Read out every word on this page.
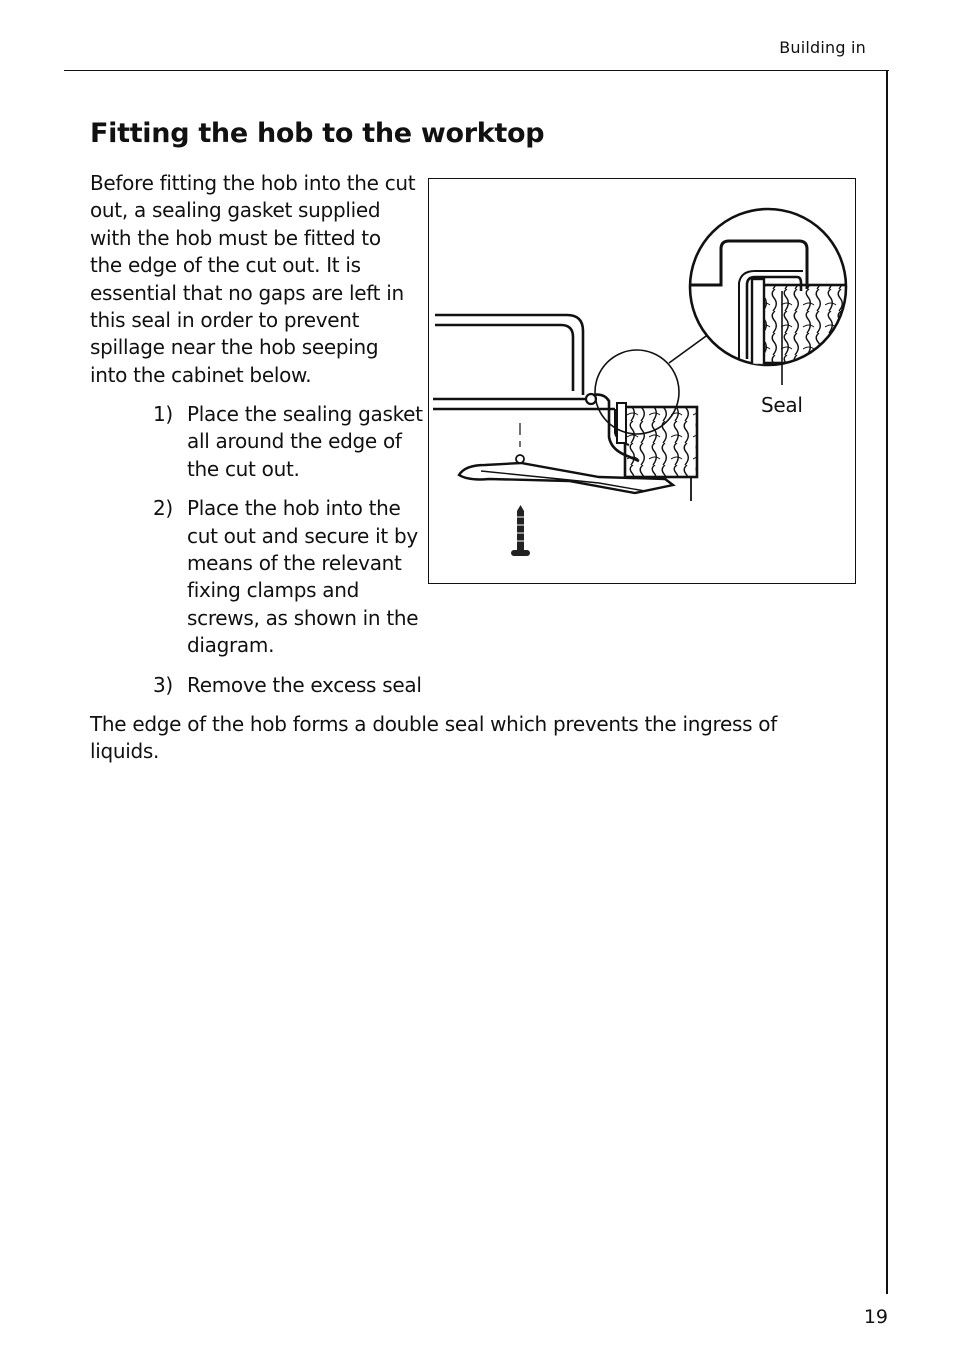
Building in
Fitting the hob to the worktop

Before fitting the hob into the cut out, a sealing gasket supplied with the hob must be fitted to the edge of the cut out. It is essential that no gaps are left in this seal in order to prevent spillage near the hob seeping into the cabinet below.

1) Place the sealing gasket all around the edge of the cut out.
2) Place the hob into the cut out and secure it by means of the relevant fixing clamps and screws, as shown in the diagram.
3) Remove the excess seal
Seal

The edge of the hob forms a double seal which prevents the ingress of liquids.

19
